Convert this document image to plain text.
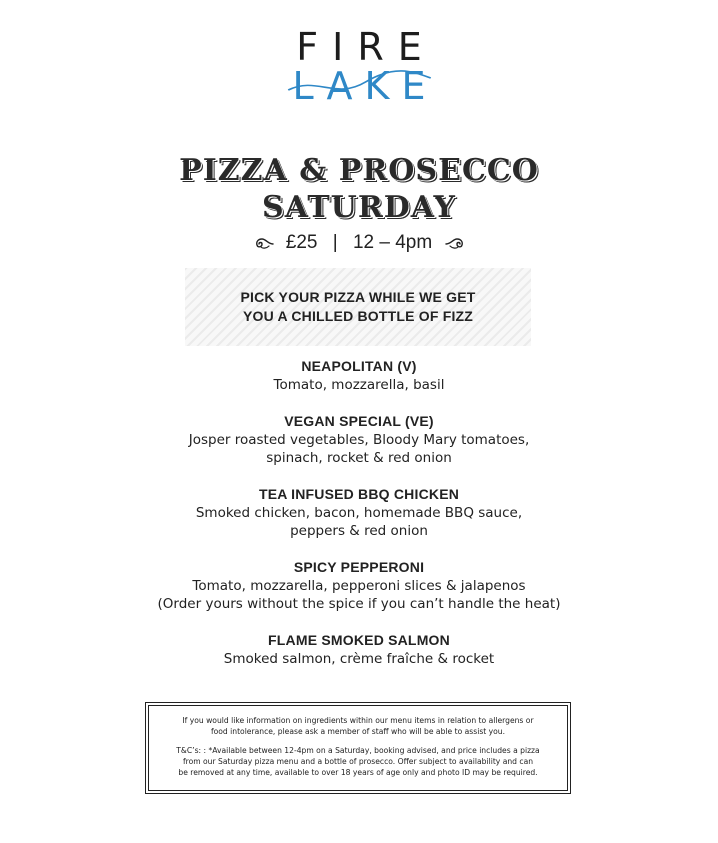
FIRE
LAKE
PIZZA & PROSECCO
SATURDAY
£25 | 12 – 4pm
PICK YOUR PIZZA WHILE WE GET
YOU A CHILLED BOTTLE OF FIZZ
NEAPOLITAN (V)
Tomato, mozzarella, basil
VEGAN SPECIAL (VE)
Josper roasted vegetables, Bloody Mary tomatoes,
spinach, rocket & red onion
TEA INFUSED BBQ CHICKEN
Smoked chicken, bacon, homemade BBQ sauce,
peppers & red onion
SPICY PEPPERONI
Tomato, mozzarella, pepperoni slices & jalapenos
(Order yours without the spice if you can’t handle the heat)
FLAME SMOKED SALMON
Smoked salmon, crème fraîche & rocket

If you would like information on ingredients within our menu items in relation to allergens or
food intolerance, please ask a member of staff who will be able to assist you.

T&C’s: : *Available between 12-4pm on a Saturday, booking advised, and price includes a pizza
from our Saturday pizza menu and a bottle of prosecco. Offer subject to availability and can
be removed at any time, available to over 18 years of age only and photo ID may be required.
